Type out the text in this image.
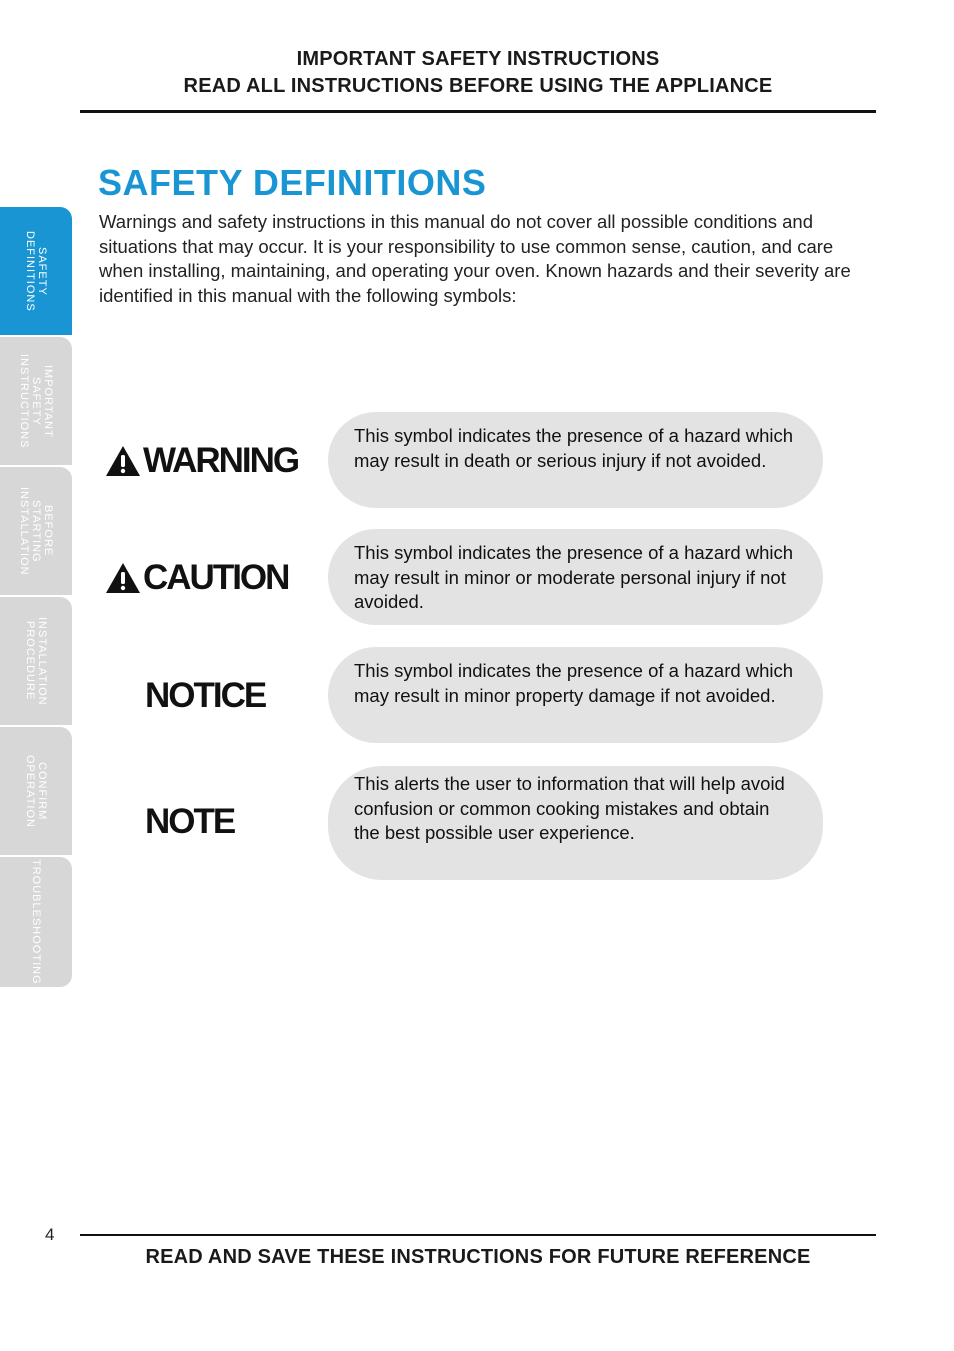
IMPORTANT SAFETY INSTRUCTIONS
READ ALL INSTRUCTIONS BEFORE USING THE APPLIANCE
SAFETY
DEFINITIONS
IMPORTANT
SAFETY
INSTRUCTIONS
BEFORE
STARTING
INSTALLATION
INSTALLATION
PROCEDURE
CONFIRM
OPERATION
TROUBLESHOOTING
SAFETY DEFINITIONS

Warnings and safety instructions in this manual do not cover all possible conditions and situations that may occur. It is your responsibility to use common sense, caution, and care when installing, maintaining, and operating your oven. Known hazards and their severity are identified in this manual with the following symbols:

WARNING
This symbol indicates the presence of a hazard which may result in death or serious injury if not avoided.
CAUTION
This symbol indicates the presence of a hazard which may result in minor or moderate personal injury if not avoided.
NOTICE
This symbol indicates the presence of a hazard which may result in minor property damage if not avoided.
NOTE
This alerts the user to information that will help avoid confusion or common cooking mistakes and obtain the best possible user experience.
4
READ AND SAVE THESE INSTRUCTIONS FOR FUTURE REFERENCE
